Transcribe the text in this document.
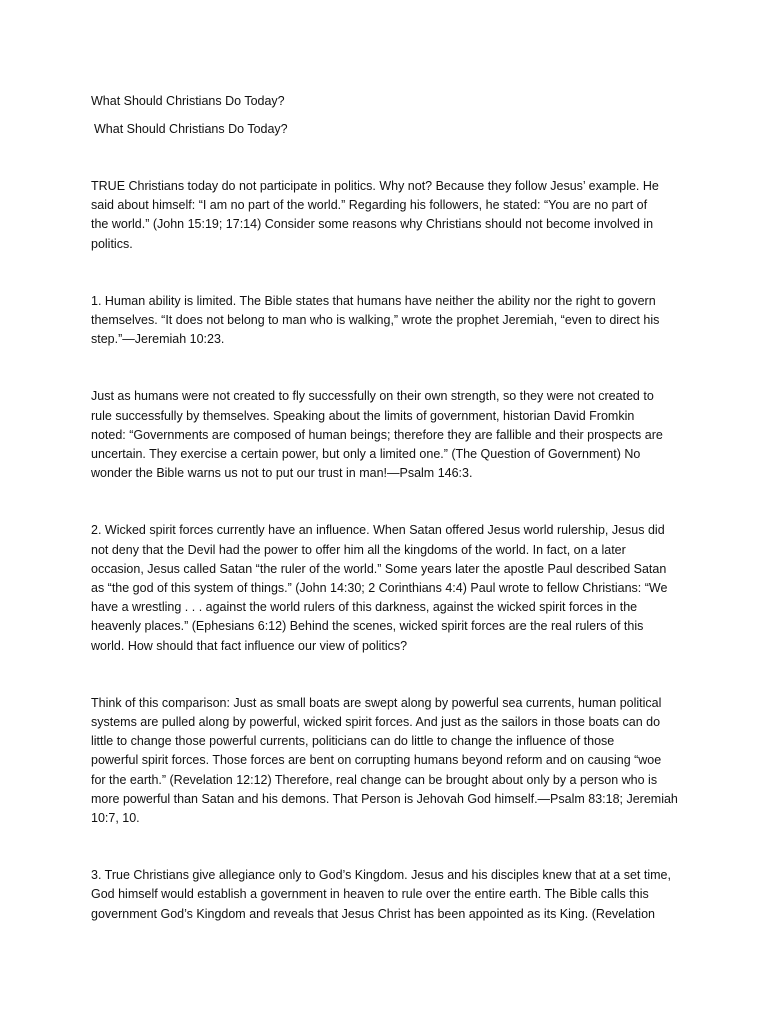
What Should Christians Do Today?

What Should Christians Do Today?

TRUE Christians today do not participate in politics. Why not? Because they follow Jesus’ example. He
said about himself: “I am no part of the world.” Regarding his followers, he stated: “You are no part of
the world.” (John 15:19; 17:14) Consider some reasons why Christians should not become involved in
politics.

1. Human ability is limited. The Bible states that humans have neither the ability nor the right to govern
themselves. “It does not belong to man who is walking,” wrote the prophet Jeremiah, “even to direct his
step.”—Jeremiah 10:23.

Just as humans were not created to fly successfully on their own strength, so they were not created to
rule successfully by themselves. Speaking about the limits of government, historian David Fromkin
noted: “Governments are composed of human beings; therefore they are fallible and their prospects are
uncertain. They exercise a certain power, but only a limited one.” (The Question of Government) No
wonder the Bible warns us not to put our trust in man!—Psalm 146:3.

2. Wicked spirit forces currently have an influence. When Satan offered Jesus world rulership, Jesus did
not deny that the Devil had the power to offer him all the kingdoms of the world. In fact, on a later
occasion, Jesus called Satan “the ruler of the world.” Some years later the apostle Paul described Satan
as “the god of this system of things.” (John 14:30; 2 Corinthians 4:4) Paul wrote to fellow Christians: “We
have a wrestling . . . against the world rulers of this darkness, against the wicked spirit forces in the
heavenly places.” (Ephesians 6:12) Behind the scenes, wicked spirit forces are the real rulers of this
world. How should that fact influence our view of politics?

Think of this comparison: Just as small boats are swept along by powerful sea currents, human political
systems are pulled along by powerful, wicked spirit forces. And just as the sailors in those boats can do
little to change those powerful currents, politicians can do little to change the influence of those
powerful spirit forces. Those forces are bent on corrupting humans beyond reform and on causing “woe
for the earth.” (Revelation 12:12) Therefore, real change can be brought about only by a person who is
more powerful than Satan and his demons. That Person is Jehovah God himself.—Psalm 83:18; Jeremiah
10:7, 10.

3. True Christians give allegiance only to God’s Kingdom. Jesus and his disciples knew that at a set time,
God himself would establish a government in heaven to rule over the entire earth. The Bible calls this
government God’s Kingdom and reveals that Jesus Christ has been appointed as its King. (Revelation
